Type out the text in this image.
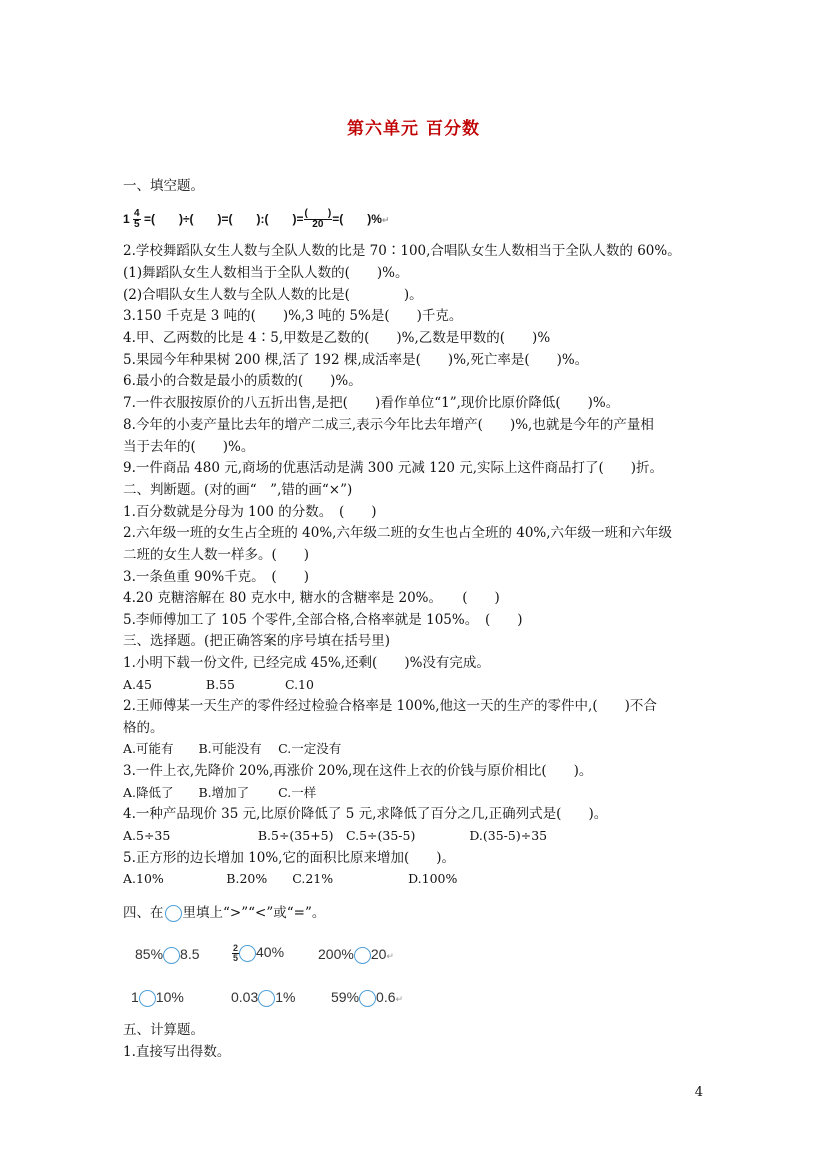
第六单元 百分数
一、填空题。
$1 \frac{4}{5}$ =(　　)÷(　　)=(　　):(　　)= $\frac{( )}{20}$ =(　　)%↵
2.学校舞蹈队女生人数与全队人数的比是 70∶100,合唱队女生人数相当于全队人数的 60%。
(1)舞蹈队女生人数相当于全队人数的(　　)%。
(2)合唱队女生人数与全队人数的比是(　　　　)。
3.150 千克是 3 吨的(　　)%,3 吨的 5%是(　　)千克。
4.甲、乙两数的比是 4∶5,甲数是乙数的(　　)%,乙数是甲数的(　　)%
5.果园今年种果树 200 棵,活了 192 棵,成活率是(　　)%,死亡率是(　　)%。
6.最小的合数是最小的质数的(　　)%。
7.一件衣服按原价的八五折出售,是把(　　)看作单位“1”,现价比原价降低(　　)%。
8.今年的小麦产量比去年的增产二成三,表示今年比去年增产(　　)%,也就是今年的产量相
当于去年的(　　)%。
9.一件商品 480 元,商场的优惠活动是满 300 元减 120 元,实际上这件商品打了(　　)折。
二、判断题。(对的画“　”,错的画“×”)
1.百分数就是分母为 100 的分数。　(　　)
2.六年级一班的女生占全班的 40%,六年级二班的女生也占全班的 40%,六年级一班和六年级
二班的女生人数一样多。(　　)
3.一条鱼重 90%千克。　(　　)
4.20 克糖溶解在 80 克水中, 糖水的含糖率是 20%。　　(　　)
5.李师傅加工了 105 个零件,全部合格,合格率就是 105%。　(　　)
三、选择题。(把正确答案的序号填在括号里)
1.小明下载一份文件, 已经完成 45%,还剩(　　)%没有完成。
A.45　　　　 B.55　　　　C.10
2.王师傅某一天生产的零件经过检验合格率是 100%,他这一天的生产的零件中,(　　)不合
格的。
A.可能有　　B.可能没有　 C.一定没有
3.一件上衣,先降价 20%,再涨价 20%,现在这件上衣的价钱与原价相比(　　)。
A.降低了　　B.增加了　　 C.一样
4.一种产品现价 35 元,比原价降低了 5 元,求降低了百分之几,正确列式是(　　)。
A.5÷35　　　　　　　B.5÷(35+5)　C.5÷(35-5)　　　　 D.(35-5)÷35
5.正方形的边长增加 10%,它的面积比原来增加(　　)。
A.10%　　　　　B.20%　　C.21%　　　　　　D.100%
四、在 里填上“>”“<”或“=”。
85% 8.5	$\frac{2}{5} 40\%$ 200% 20↵
1 10%	0.03 1%	59% 0.6↵
五、计算题。
1.直接写出得数。
4
